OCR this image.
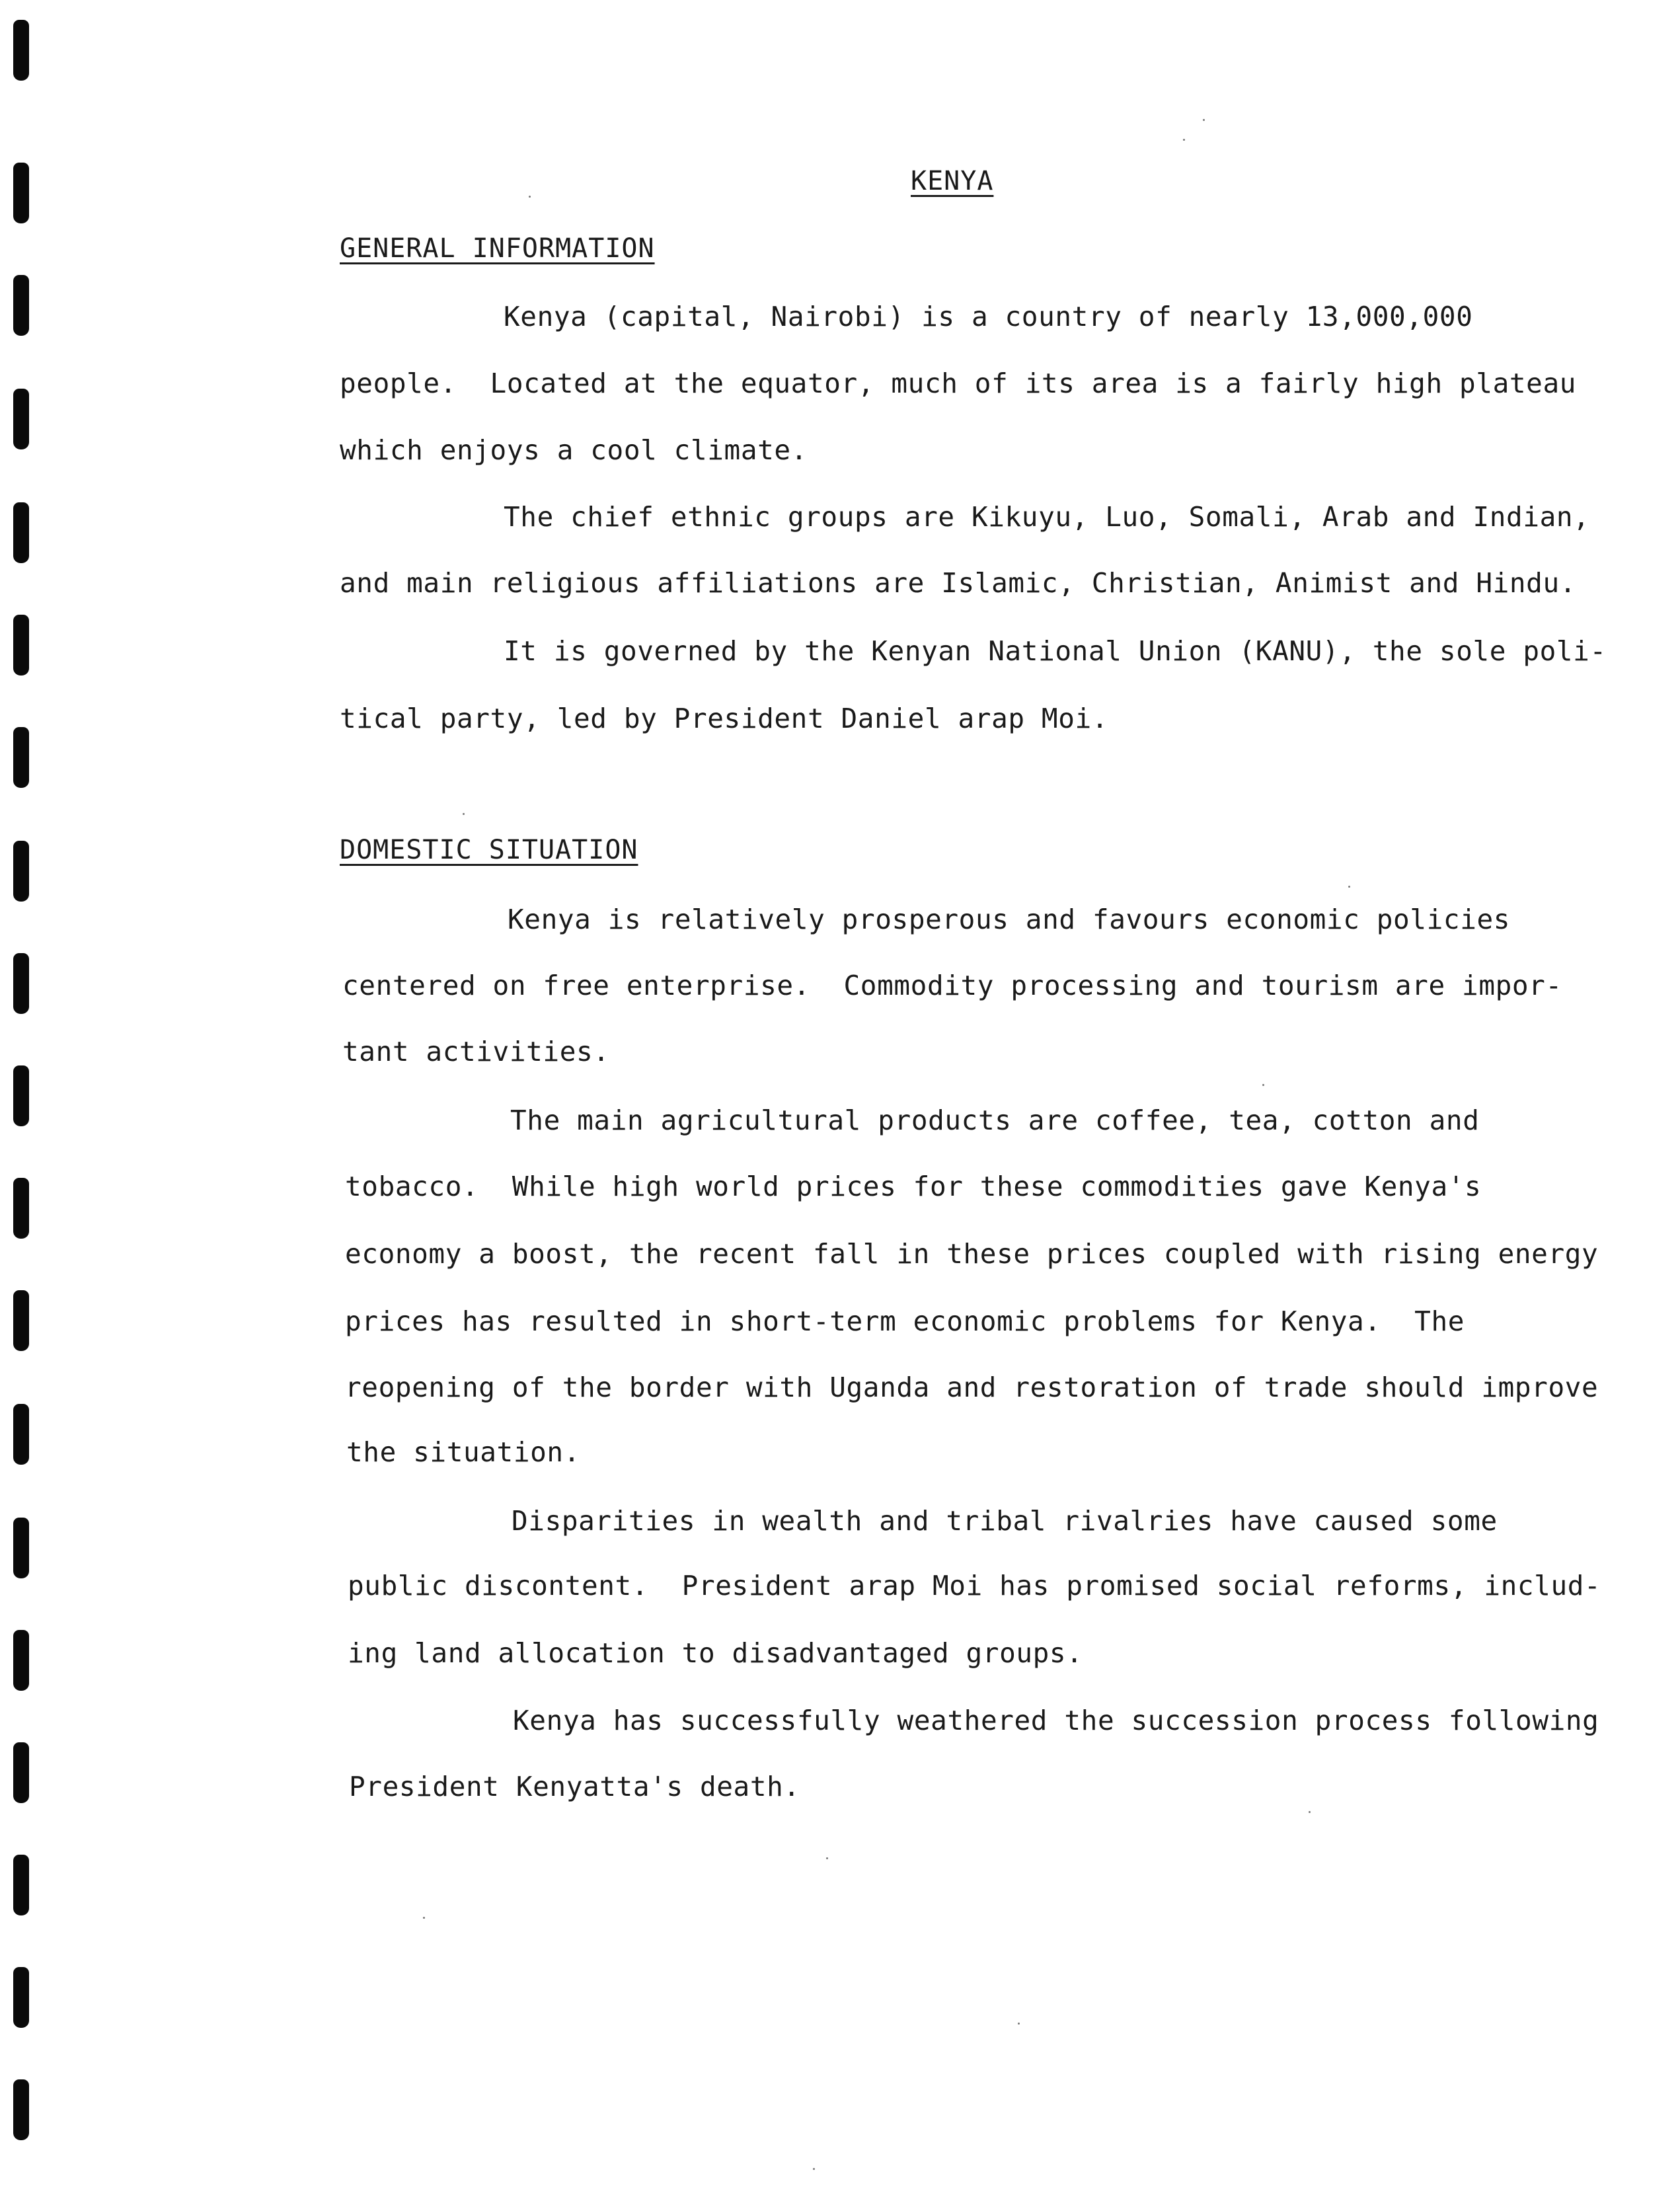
KENYA
GENERAL INFORMATION
Kenya (capital, Nairobi) is a country of nearly 13,000,000
people.  Located at the equator, much of its area is a fairly high plateau
which enjoys a cool climate.
The chief ethnic groups are Kikuyu, Luo, Somali, Arab and Indian,
and main religious affiliations are Islamic, Christian, Animist and Hindu.
It is governed by the Kenyan National Union (KANU), the sole poli-
tical party, led by President Daniel arap Moi.
DOMESTIC SITUATION
Kenya is relatively prosperous and favours economic policies
centered on free enterprise.  Commodity processing and tourism are impor-
tant activities.
The main agricultural products are coffee, tea, cotton and
tobacco.  While high world prices for these commodities gave Kenya's
economy a boost, the recent fall in these prices coupled with rising energy
prices has resulted in short-term economic problems for Kenya.  The
reopening of the border with Uganda and restoration of trade should improve
the situation.
Disparities in wealth and tribal rivalries have caused some
public discontent.  President arap Moi has promised social reforms, includ-
ing land allocation to disadvantaged groups.
Kenya has successfully weathered the succession process following
President Kenyatta's death.
